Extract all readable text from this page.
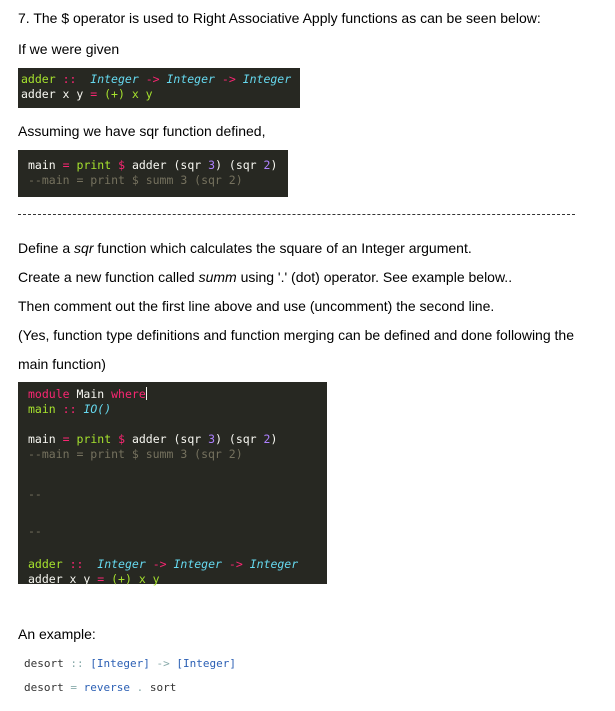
7. The $ operator is used to Right Associative Apply functions as can be seen below:
If we were given
adder :: Integer -> Integer -> Integer
adder x y = (+) x y
Assuming we have sqr function defined,
main = print $ adder (sqr 3) (sqr 2)
--main = print $ summ 3 (sqr 2)
Define a sqr function which calculates the square of an Integer argument.
Create a new function called summ using '.' (dot) operator. See example below..
Then comment out the first line above and use (uncomment) the second line.
(Yes, function type definitions and function merging can be defined and done following the
main function)
module Main where
main :: IO()

main = print $ adder (sqr 3) (sqr 2)
--main = print $ summ 3 (sqr 2)

--

--

adder :: Integer -> Integer -> Integer
adder x y = (+) x y
An example:
desort :: [Integer] -> [Integer]
desort = reverse . sort
